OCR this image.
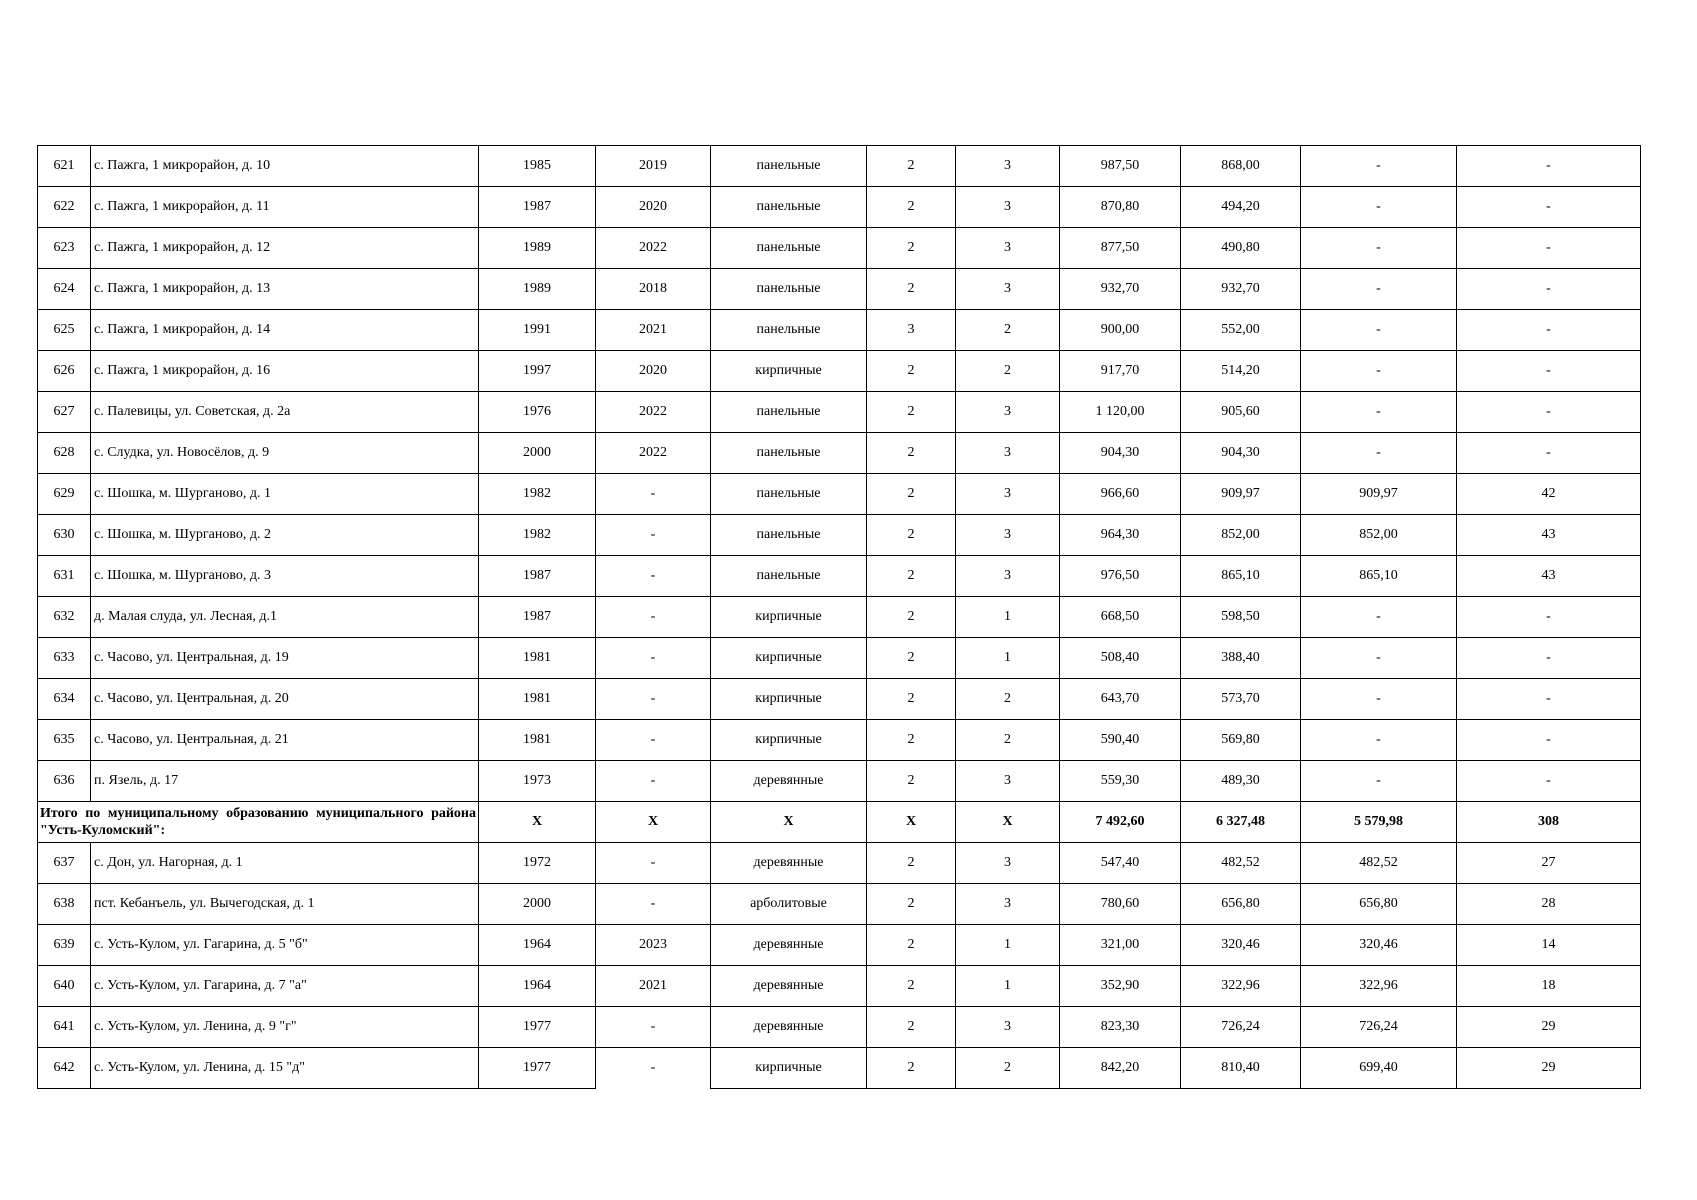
621	с. Пажга, 1 микрорайон, д. 10	1985	2019	панельные	2	3	987,50	868,00	-	-
622	с. Пажга, 1 микрорайон, д. 11	1987	2020	панельные	2	3	870,80	494,20	-	-
623	с. Пажга, 1 микрорайон, д. 12	1989	2022	панельные	2	3	877,50	490,80	-	-
624	с. Пажга, 1 микрорайон, д. 13	1989	2018	панельные	2	3	932,70	932,70	-	-
625	с. Пажга, 1 микрорайон, д. 14	1991	2021	панельные	3	2	900,00	552,00	-	-
626	с. Пажга, 1 микрорайон, д. 16	1997	2020	кирпичные	2	2	917,70	514,20	-	-
627	с. Палевицы, ул. Советская, д. 2а	1976	2022	панельные	2	3	1 120,00	905,60	-	-
628	с. Слудка, ул. Новосёлов, д. 9	2000	2022	панельные	2	3	904,30	904,30	-	-
629	с. Шошка, м. Шурганово, д. 1	1982	-	панельные	2	3	966,60	909,97	909,97	42
630	с. Шошка, м. Шурганово, д. 2	1982	-	панельные	2	3	964,30	852,00	852,00	43
631	с. Шошка, м. Шурганово, д. 3	1987	-	панельные	2	3	976,50	865,10	865,10	43
632	д. Малая слуда, ул. Лесная, д.1	1987	-	кирпичные	2	1	668,50	598,50	-	-
633	с. Часово, ул. Центральная, д. 19	1981	-	кирпичные	2	1	508,40	388,40	-	-
634	с. Часово, ул. Центральная, д. 20	1981	-	кирпичные	2	2	643,70	573,70	-	-
635	с. Часово, ул. Центральная, д. 21	1981	-	кирпичные	2	2	590,40	569,80	-	-
636	п. Язель, д. 17	1973	-	деревянные	2	3	559,30	489,30	-	-
Итого по муниципальному образованию муниципального района "Усть-Куломский":		X	X	X	X	X	7 492,60	6 327,48	5 579,98	308
637	с. Дон, ул. Нагорная, д. 1	1972	-	деревянные	2	3	547,40	482,52	482,52	27
638	пст. Кебанъель, ул. Вычегодская, д. 1	2000	-	арболитовые	2	3	780,60	656,80	656,80	28
639	с. Усть-Кулом, ул. Гагарина, д. 5 "б"	1964	2023	деревянные	2	1	321,00	320,46	320,46	14
640	с. Усть-Кулом, ул. Гагарина, д. 7 "а"	1964	2021	деревянные	2	1	352,90	322,96	322,96	18
641	с. Усть-Кулом, ул. Ленина, д. 9 "г"	1977	-	деревянные	2	3	823,30	726,24	726,24	29
642	с. Усть-Кулом, ул. Ленина, д. 15 "д"	1977	-	кирпичные	2	2	842,20	810,40	699,40	29
